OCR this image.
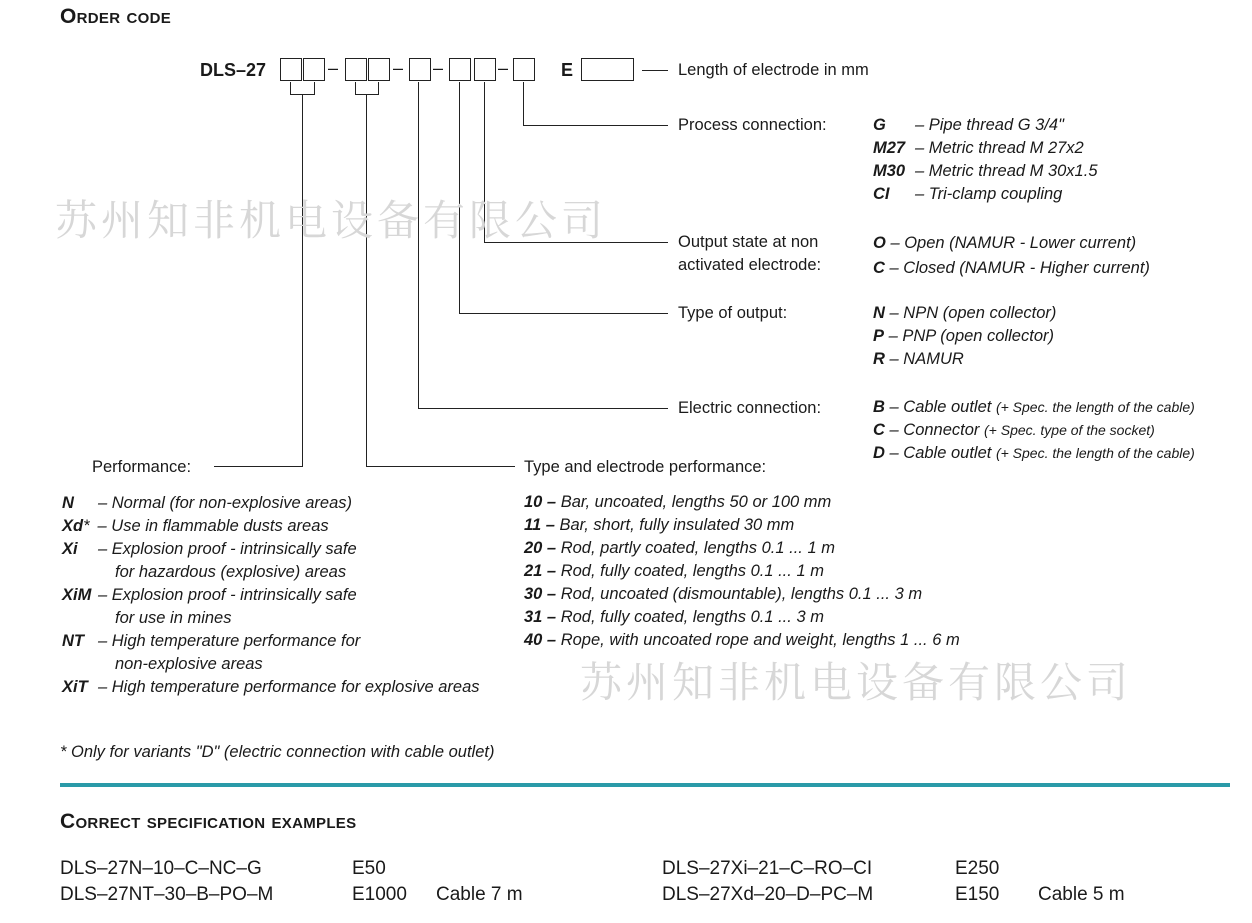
Order code
DLS–27	–	– –	–	E	Length of electrode in mm
Process connection:	G – Pipe thread G 3/4"
M27 – Metric thread M 27x2
M30 – Metric thread M 30x1.5
CI – Tri-clamp coupling
Output state at non
activated electrode:
O – Open (NAMUR - Lower current)
C – Closed (NAMUR - Higher current)
Type of output:	N – NPN (open collector)
P – PNP (open collector)
R – NAMUR
Electric connection:	B – Cable outlet (+ Spec. the length of the cable)
C – Connector (+ Spec. type of the socket)
D – Cable outlet (+ Spec. the length of the cable)
Performance:
N – Normal (for non-explosive areas)
Xd* – Use in flammable dusts areas
Xi – Explosion proof - intrinsically safe
for hazardous (explosive) areas
XiM – Explosion proof - intrinsically safe
for use in mines
NT – High temperature performance for
non-explosive areas
XiT – High temperature performance for explosive areas
Type and electrode performance:
10 – Bar, uncoated, lengths 50 or 100 mm
11 – Bar, short, fully insulated 30 mm
20 – Rod, partly coated, lengths 0.1 ... 1 m
21 – Rod, fully coated, lengths 0.1 ... 1 m
30 – Rod, uncoated (dismountable), lengths 0.1 ... 3 m
31 – Rod, fully coated, lengths 0.1 ... 3 m
40 – Rope, with uncoated rope and weight, lengths 1 ... 6 m
* Only for variants "D" (electric connection with cable outlet)
Correct specification examples
DLS–27N–10–C–NC–G	E50
DLS–27NT–30–B–PO–M	E1000 Cable 7 m
DLS–27Xi–21–C–RO–CI	E250
DLS–27Xd–20–D–PC–M	E150 Cable 5 m
苏州知非机电设备有限公司
苏州知非机电设备有限公司
